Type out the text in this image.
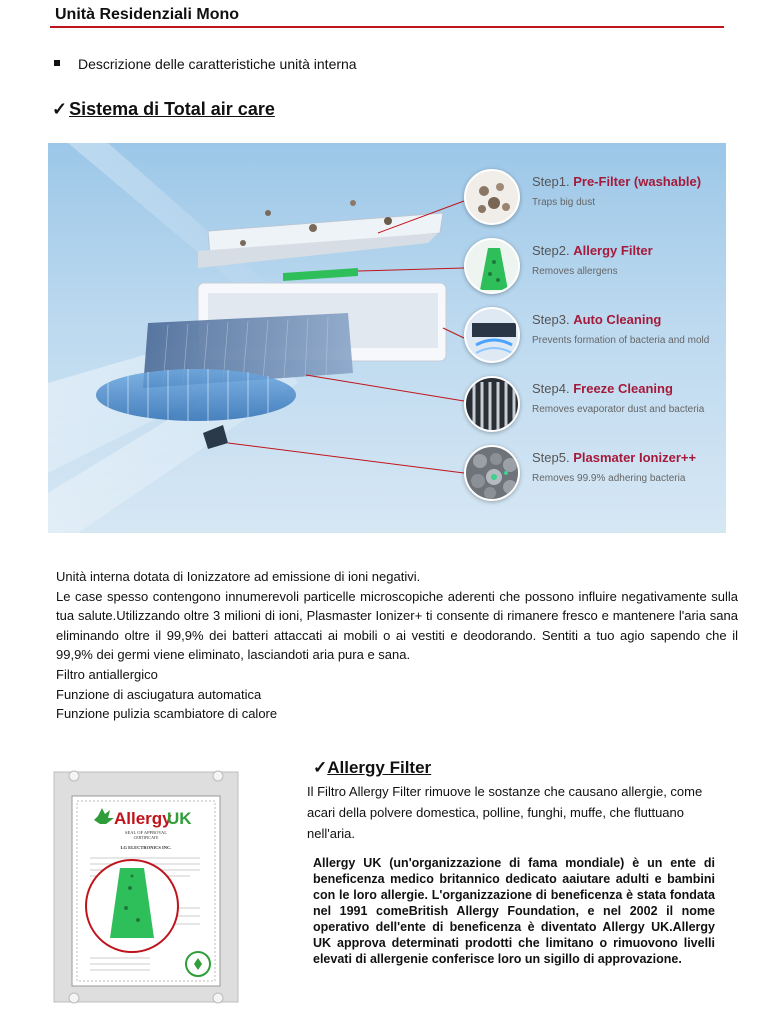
Unità Residenziali Mono
Descrizione delle caratteristiche unità interna
✓ Sistema di Total air care
Step1. Pre-Filter (washable)
Traps big dust
Step2. Allergy Filter
Removes allergens
Step3. Auto Cleaning
Prevents formation of bacteria and mold
Step4. Freeze Cleaning
Removes evaporator dust and bacteria
Step5. Plasmater Ionizer++
Removes 99.9% adhering bacteria

Unità interna dotata di Ionizzatore ad emissione di ioni negativi.

Le case spesso contengono innumerevoli particelle microscopiche aderenti che possono influire negativamente sulla tua salute.Utilizzando oltre 3 milioni di ioni, Plasmaster Ionizer+ ti consente di rimanere fresco e mantenere l'aria sana eliminando oltre il 99,9% dei batteri attaccati ai mobili o ai vestiti e deodorando. Sentiti a tuo agio sapendo che il 99,9% dei germi viene eliminato, lasciandoti aria pura e sana.

Filtro antiallergico

Funzione di asciugatura automatica

Funzione pulizia scambiatore di calore

Allergy
UK
SEAL OF APPROVAL
CERTIFICATE
LG ELECTRONICS INC.
✓Allergy Filter
Il Filtro Allergy Filter rimuove le sostanze che causano allergie, come acari della polvere domestica, polline, funghi, muffe, che fluttuano nell'aria.
Allergy UK (un'organizzazione di fama mondiale) è un ente di beneficenza medico britannico dedicato aaiutare adulti e bambini con le loro allergie. L'organizzazione di beneficenza è stata fondata nel 1991 comeBritish Allergy Foundation, e nel 2002 il nome operativo dell'ente di beneficenza è diventato Allergy UK.Allergy UK approva determinati prodotti che limitano o rimuovono livelli elevati di allergenie conferisce loro un sigillo di approvazione.
